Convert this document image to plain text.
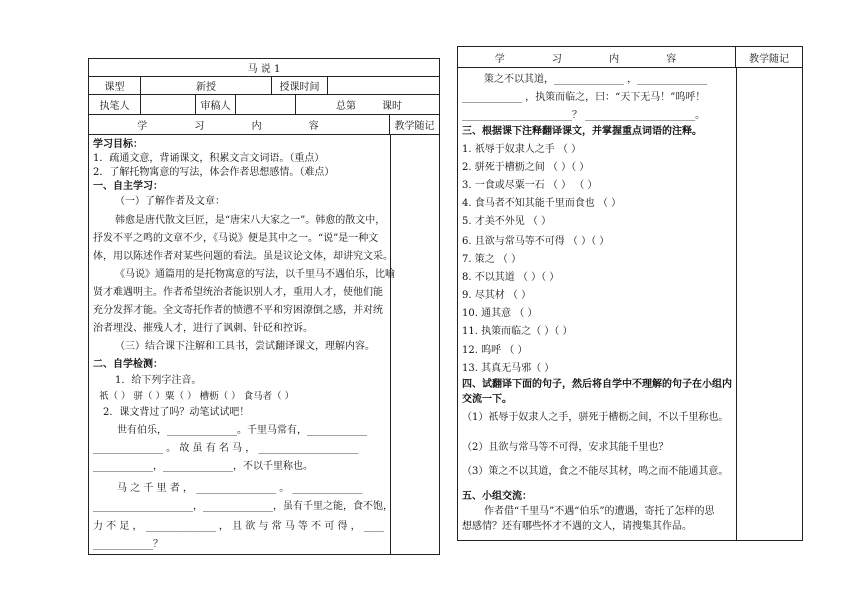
马 说 1
课型	新授	授课时间
执笔人	审稿人	总第	课时
学 习 内 容	教学随记
学习目标：
1．疏通文意，背诵课文，积累文言文词语。（重点）
2．了解托物寓意的写法，体会作者思想感情。（难点）
一、自主学习：
（一）了解作者及文章：
韩愈是唐代散文巨匠，是“唐宋八大家之一”。韩愈的散文中，
抒发不平之鸣的文章不少，《马说》便是其中之一。“说”是一种文
体，用以陈述作者对某些问题的看法。虽是议论文体，却讲究文采。
《马说》通篇用的是托物寓意的写法，以千里马不遇伯乐，比喻
贤才难遇明主。作者希望统治者能识别人才，重用人才，使他们能
充分发挥才能。全文寄托作者的愤懑不平和穷困潦倒之感，并对统
治者埋没、摧残人才，进行了讽刺、针砭和控诉。
（三）结合课下注解和工具书，尝试翻译课文，理解内容。
二、自学检测：
1．给下列字注音。
祇（ ） 骈（ ）粟（ ） 槽枥（ ） 食马者（ ）
2．课文背过了吗？动笔试试吧！
世有伯乐，______________。千里马常有，____________
______________ 。 故 虽 有 名 马 ， ____________________
____________，______________，不以千里称也。
马 之 千 里 者 ， ________________ 。 ______________
____________________，______________，虽有千里之能，食不饱，
力 不 足 ， ______________ ， 且 欲 与 常 马 等 不 可 得 ， ____
____________？
学 习 内 容	教学随记
策之不以其道，______________ ，______________
____________ ，执策而临之，曰：“天下无马！”呜呼！
______________________？ ______________________。
三、根据课下注释翻译课文，并掌握重点词语的注释。
1. 祇辱于奴隶人之手 （ ）
2. 骈死于槽枥之间 （ ）（ ）
3. 一食或尽粟一石 （ ） （ ）
4. 食马者不知其能千里而食也 （ ）
5. 才美不外见 （ ）
6. 且欲与常马等不可得 （ ）（ ）
7. 策之 （ ）
8. 不以其道 （ ）（ ）
9. 尽其材 （ ）
10. 通其意 （ ）
11. 执策而临之（ ）（ ）
12. 呜呼 （ ）
13. 其真无马邪（ ）
四、试翻译下面的句子，然后将自学中不理解的句子在小组内
交流一下。
（1）祇辱于奴隶人之手，骈死于槽枥之间，不以千里称也。
（2）且欲与常马等不可得，安求其能千里也？
（3）策之不以其道，食之不能尽其材，鸣之而不能通其意。
五、小组交流：
作者借“千里马”不遇“伯乐”的遭遇，寄托了怎样的思
想感情？还有哪些怀才不遇的文人，请搜集其作品。
